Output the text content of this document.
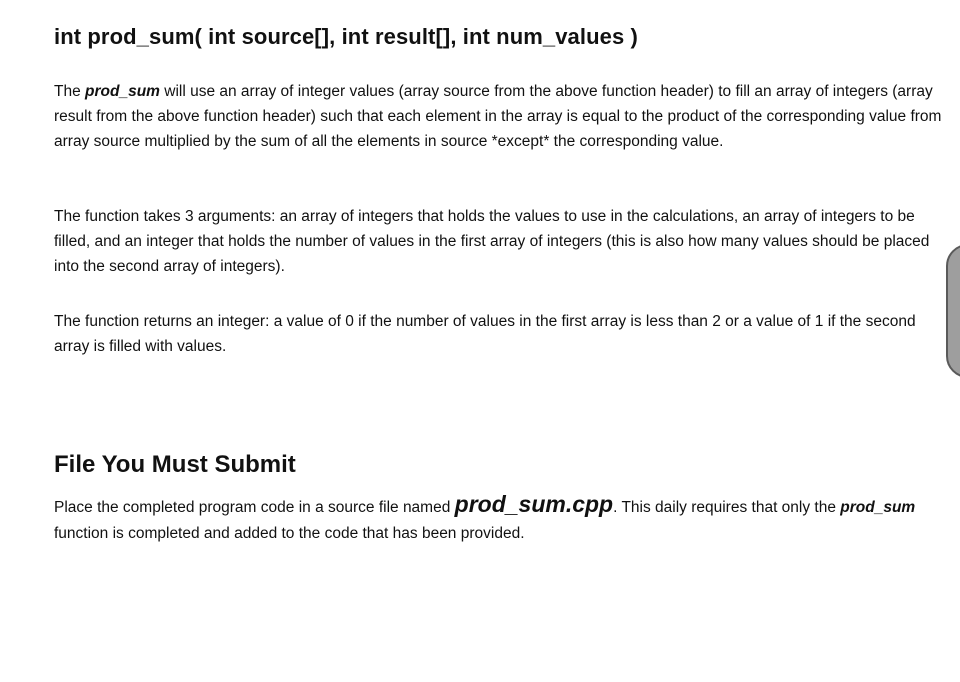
int prod_sum( int source[], int result[], int num_values )

The prod_sum will use an array of integer values (array source from the above function header) to fill an array of integers (array result from the above function header) such that each element in the array is equal to the product of the corresponding value from array source multiplied by the sum of all the elements in source *except* the corresponding value.

The function takes 3 arguments: an array of integers that holds the values to use in the calculations, an array of integers to be filled, and an integer that holds the number of values in the first array of integers (this is also how many values should be placed into the second array of integers).

The function returns an integer: a value of 0 if the number of values in the first array is less than 2 or a value of 1 if the second array is filled with values.

File You Must Submit

Place the completed program code in a source file named prod_sum.cpp. This daily requires that only the prod_sum function is completed and added to the code that has been provided.
